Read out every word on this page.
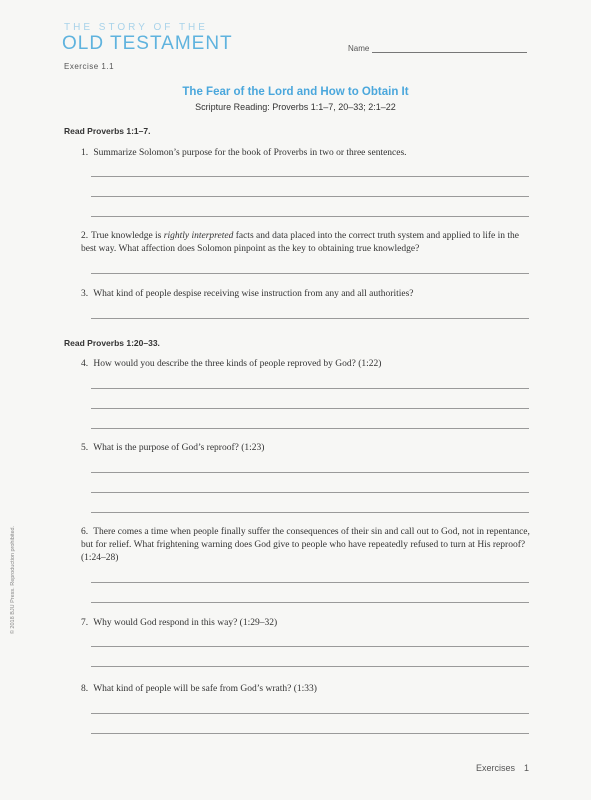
THE STORY OF THE
OLD TESTAMENT
Exercise 1.1
Name
The Fear of the Lord and How to Obtain It
Scripture Reading: Proverbs 1:1–7, 20–33; 2:1–22
Read Proverbs 1:1–7.
1. Summarize Solomon’s purpose for the book of Proverbs in two or three sentences.
2. True knowledge is rightly interpreted facts and data placed into the correct truth system and applied to life in the best way. What affection does Solomon pinpoint as the key to obtaining true knowledge?
3. What kind of people despise receiving wise instruction from any and all authorities?
Read Proverbs 1:20–33.
4. How would you describe the three kinds of people reproved by God? (1:22)
5. What is the purpose of God’s reproof? (1:23)
6. There comes a time when people finally suffer the consequences of their sin and call out to God, not in repentance, but for relief. What frightening warning does God give to people who have repeatedly refused to turn at His reproof? (1:24–28)
7. Why would God respond in this way? (1:29–32)
8. What kind of people will be safe from God’s wrath? (1:33)
© 2018 BJU Press. Reproduction prohibited.
Exercises 1
